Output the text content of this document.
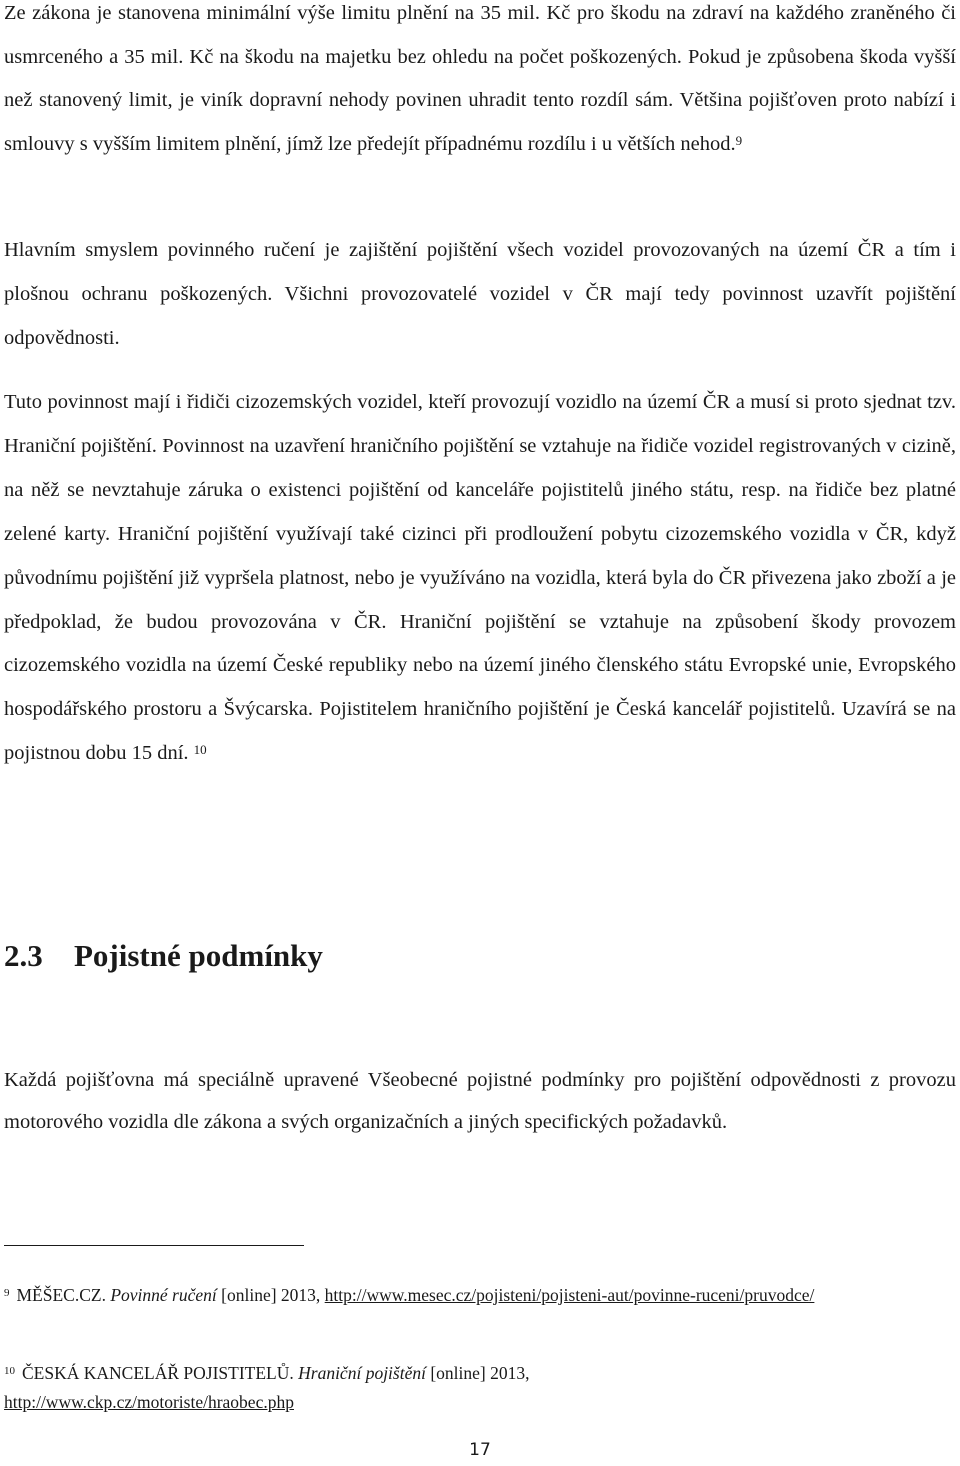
Ze zákona je stanovena minimální výše limitu plnění na 35 mil. Kč pro škodu na zdraví na každého zraněného či usmrceného a 35 mil. Kč na škodu na majetku bez ohledu na počet poškozených. Pokud je způsobena škoda vyšší než stanovený limit, je viník dopravní nehody povinen uhradit tento rozdíl sám. Většina pojišťoven proto nabízí i smlouvy s vyšším limitem plnění, jímž lze předejít případnému rozdílu i u větších nehod.$^9$

Hlavním smyslem povinného ručení je zajištění pojištění všech vozidel provozovaných na území ČR a tím i plošnou ochranu poškozených. Všichni provozovatelé vozidel v ČR mají tedy povinnost uzavřít pojištění odpovědnosti.

Tuto povinnost mají i řidiči cizozemských vozidel, kteří provozují vozidlo na území ČR a musí si proto sjednat tzv. Hraniční pojištění. Povinnost na uzavření hraničního pojištění se vztahuje na řidiče vozidel registrovaných v cizině, na něž se nevztahuje záruka o existenci pojištění od kanceláře pojistitelů jiného státu, resp. na řidiče bez platné zelené karty. Hraniční pojištění využívají také cizinci při prodloužení pobytu cizozemského vozidla v ČR, když původnímu pojištění již vypršela platnost, nebo je využíváno na vozidla, která byla do ČR přivezena jako zboží a je předpoklad, že budou provozována v ČR. Hraniční pojištění se vztahuje na způsobení škody provozem cizozemského vozidla na území České republiky nebo na území jiného členského státu Evropské unie, Evropského hospodářského prostoru a Švýcarska. Pojistitelem hraničního pojištění je Česká kancelář pojistitelů. Uzavírá se na pojistnou dobu 15 dní. $^{10}$

2.3 Pojistné podmínky

Každá pojišťovna má speciálně upravené Všeobecné pojistné podmínky pro pojištění odpovědnosti z provozu motorového vozidla dle zákona a svých organizačních a jiných specifických požadavků.

$^9$ MĚŠEC.CZ. Povinné ručení [online] 2013, http://www.mesec.cz/pojisteni/pojisteni-aut/povinne-ruceni/pruvodce/

$^{10}$ ČESKÁ KANCELÁŘ POJISTITELŮ. Hraniční pojištění [online] 2013,
http://www.ckp.cz/motoriste/hraobec.php

17
